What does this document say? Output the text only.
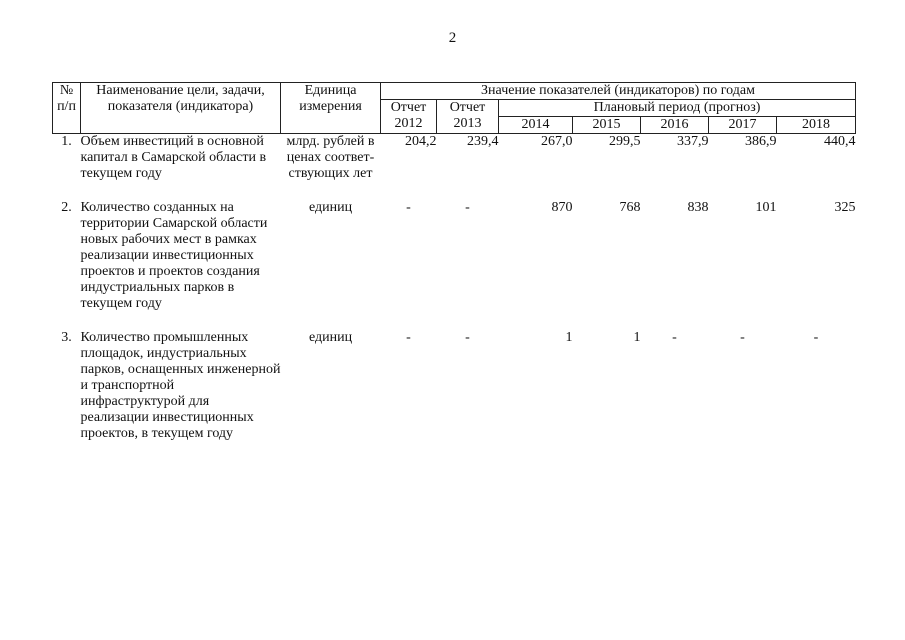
2
№ п/п	Наименование цели, задачи, показателя (индикатора)	Единица измерения	Значение показателей (индикаторов) по годам						
			Отчет 2012	Отчет 2013	Плановый период (прогноз)				
					2014	2015	2016	2017	2018
1.	Объем инвестиций в основной капитал в Самарской области в текущем году	млрд. рублей в ценах соответ- ствующих лет	204,2	239,4	267,0	299,5	337,9	386,9	440,4
2.	Количество созданных на территории Самарской области новых рабочих мест в рамках реализации инвестиционных проектов и проектов создания индустриальных парков в текущем году	единиц	-	-	870	768	838	101	325
3.	Количество промышленных площадок, индустриальных парков, оснащенных инженерной и транспортной инфраструктурой для реализации инвестиционных проектов, в текущем году	единиц	-	-	1	1	-	-	-
